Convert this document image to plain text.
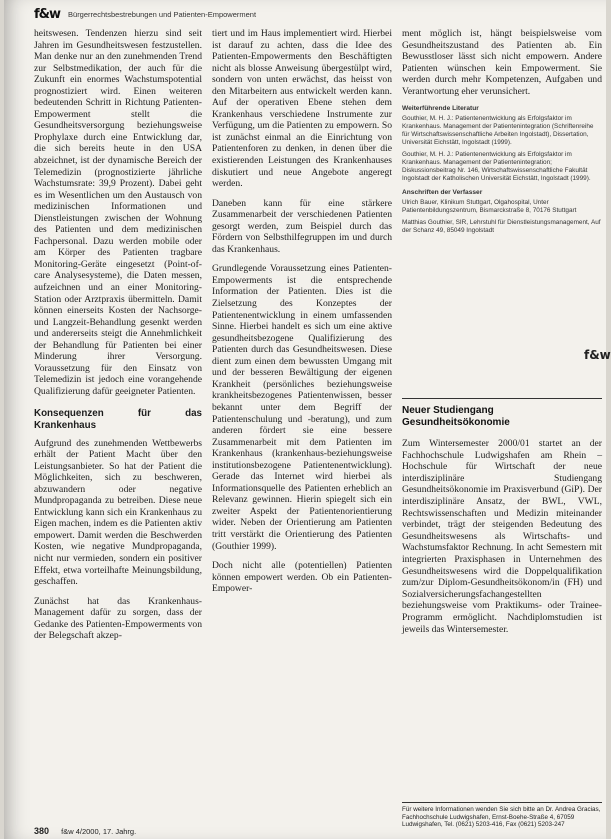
f&w Bürgerrechtsbestrebungen und Patienten-Empowerment

heitswesen. Tendenzen hierzu sind seit Jahren im Gesundheitswesen festzustellen. Man denke nur an den zunehmenden Trend zur Selbstmedikation, der auch für die Zukunft ein enormes Wachstumspotential prognostiziert wird. Einen weiteren bedeutenden Schritt in Richtung Patienten-Empowerment stellt die Gesundheitsversorgung beziehungsweise Prophylaxe durch eine Entwicklung dar, die sich bereits heute in den USA abzeichnet, ist der dynamische Bereich der Telemedizin (prognostizierte jährliche Wachstumsrate: 39,9 Prozent). Dabei geht es im Wesentlichen um den Austausch von medizinischen Informationen und Dienstleistungen zwischen der Wohnung des Patienten und dem medizinischen Fachpersonal. Dazu werden mobile oder am Körper des Patienten tragbare Monitoring-Geräte eingesetzt (Point-of-care Analysesysteme), die Daten messen, aufzeichnen und an einer Monitoring-Station oder Arztpraxis übermitteln. Damit können einerseits Kosten der Nachsorge- und Langzeit-Behandlung gesenkt werden und andererseits steigt die Annehmlichkeit der Behandlung für Patienten bei einer Minderung ihrer Versorgung. Voraussetzung für den Einsatz von Telemedizin ist jedoch eine vorangehende Qualifizierung dafür geeigneter Patienten.

Konsequenzen für das Krankenhaus

Aufgrund des zunehmenden Wettbewerbs erhält der Patient Macht über den Leistungsanbieter. So hat der Patient die Möglichkeiten, sich zu beschweren, abzuwandern oder negative Mundpropaganda zu betreiben. Diese neue Entwicklung kann sich ein Krankenhaus zu Eigen machen, indem es die Patienten aktiv empowert. Damit werden die Beschwerden Kosten, wie negative Mundpropaganda, nicht nur vermieden, sondern ein positiver Effekt, etwa vorteilhafte Meinungsbildung, geschaffen.

Zunächst hat das Krankenhaus-Management dafür zu sorgen, dass der Gedanke des Patienten-Empowerments von der Belegschaft akzep-

tiert und im Haus implementiert wird. Hierbei ist darauf zu achten, dass die Idee des Patienten-Empowerments den Beschäftigten nicht als blosse Anweisung übergestülpt wird, sondern von unten erwächst, das heisst von den Mitarbeitern aus entwickelt werden kann. Auf der operativen Ebene stehen dem Krankenhaus verschiedene Instrumente zur Verfügung, um die Patienten zu empowern. So ist zunächst einmal an die Einrichtung von Patientenforen zu denken, in denen über die existierenden Leistungen des Krankenhauses diskutiert und neue Angebote angeregt werden.

Daneben kann für eine stärkere Zusammenarbeit der verschiedenen Patienten gesorgt werden, zum Beispiel durch das Fördern von Selbsthilfegruppen im und durch das Krankenhaus.

Grundlegende Voraussetzung eines Patienten-Empowerments ist die entsprechende Information der Patienten. Dies ist die Zielsetzung des Konzeptes der Patientenentwicklung in einem umfassenden Sinne. Hierbei handelt es sich um eine aktive gesundheitsbezogene Qualifizierung des Patienten durch das Gesundheitswesen. Diese dient zum einen dem bewussten Umgang mit und der besseren Bewältigung der eigenen Krankheit (persönliches beziehungsweise krankheitsbezogenes Patientenwissen, besser bekannt unter dem Begriff der Patientenschulung und -beratung), und zum anderen fördert sie eine bessere Zusammenarbeit mit dem Patienten im Krankenhaus (krankenhaus-beziehungsweise institutionsbezogene Patientenentwicklung). Gerade das Internet wird hierbei als Informationsquelle des Patienten erheblich an Relevanz gewinnen. Hierin spiegelt sich ein zweiter Aspekt der Patientenorientierung wider. Neben der Orientierung am Patienten tritt verstärkt die Orientierung des Patienten (Gouthier 1999).

Doch nicht alle (potentiellen) Patienten können empowert werden. Ob ein Patienten-Empower-

ment möglich ist, hängt beispielsweise vom Gesundheitszustand des Patienten ab. Ein Bewusstloser lässt sich nicht empowern. Andere Patienten wünschen kein Empowerment. Sie werden durch mehr Kompetenzen, Aufgaben und Verantwortung eher verunsichert.

Weiterführende Literatur

Gouthier, M. H. J.: Patientenentwicklung als Erfolgsfaktor im Krankenhaus. Management der Patientenintegration (Schriftenreihe für Wirtschaftswissenschaftliche Arbeiten Ingolstadt), Dissertation, Universität Eichstätt, Ingolstadt (1999).

Gouthier, M. H. J.: Patientenentwicklung als Erfolgsfaktor im Krankenhaus. Management der Patientenintegration; Diskussionsbeitrag Nr. 146, Wirtschaftswissenschaftliche Fakultät Ingolstadt der Katholischen Universität Eichstätt, Ingolstadt (1999).

Anschriften der Verfasser

Ulrich Bauer, Klinikum Stuttgart, Olgahospital, Unter Patientenbildungszentrum, Bismarckstraße 8, 70176 Stuttgart

Matthias Gouthier, SIR, Lehrstuhl für Dienstleistungsmanagement, Auf der Schanz 49, 85049 Ingolstadt

f&w
Neuer Studiengang Gesundheitsökonomie
Zum Wintersemester 2000/01 startet an der Fachhochschule Ludwigshafen am Rhein – Hochschule für Wirtschaft der neue interdisziplinäre Studiengang Gesundheitsökonomie im Praxisverbund (GiP). Der interdisziplinäre Ansatz, der BWL, VWL, Rechtswissenschaften und Medizin miteinander verbindet, trägt der steigenden Bedeutung des Gesundheitswesens als Wirtschafts- und Wachstumsfaktor Rechnung. In acht Semestern mit integrierten Praxisphasen in Unternehmen des Gesundheitswesens wird die Doppelqualifikation zum/zur Diplom-Gesundheitsökonom/in (FH) und Sozialversicherungsfachangestellten beziehungsweise vom Praktikums- oder Trainee-Programm ermöglicht. Nachdiplomstudien ist jeweils das Wintersemester.
Für weitere Informationen wenden Sie sich bitte an Dr. Andrea Gracias, Fachhochschule Ludwigshafen, Ernst-Boehe-Straße 4, 67059 Ludwigshafen, Tel. (0621) 5203-416, Fax (0621) 5203-247
380 f&w 4/2000, 17. Jahrg.
